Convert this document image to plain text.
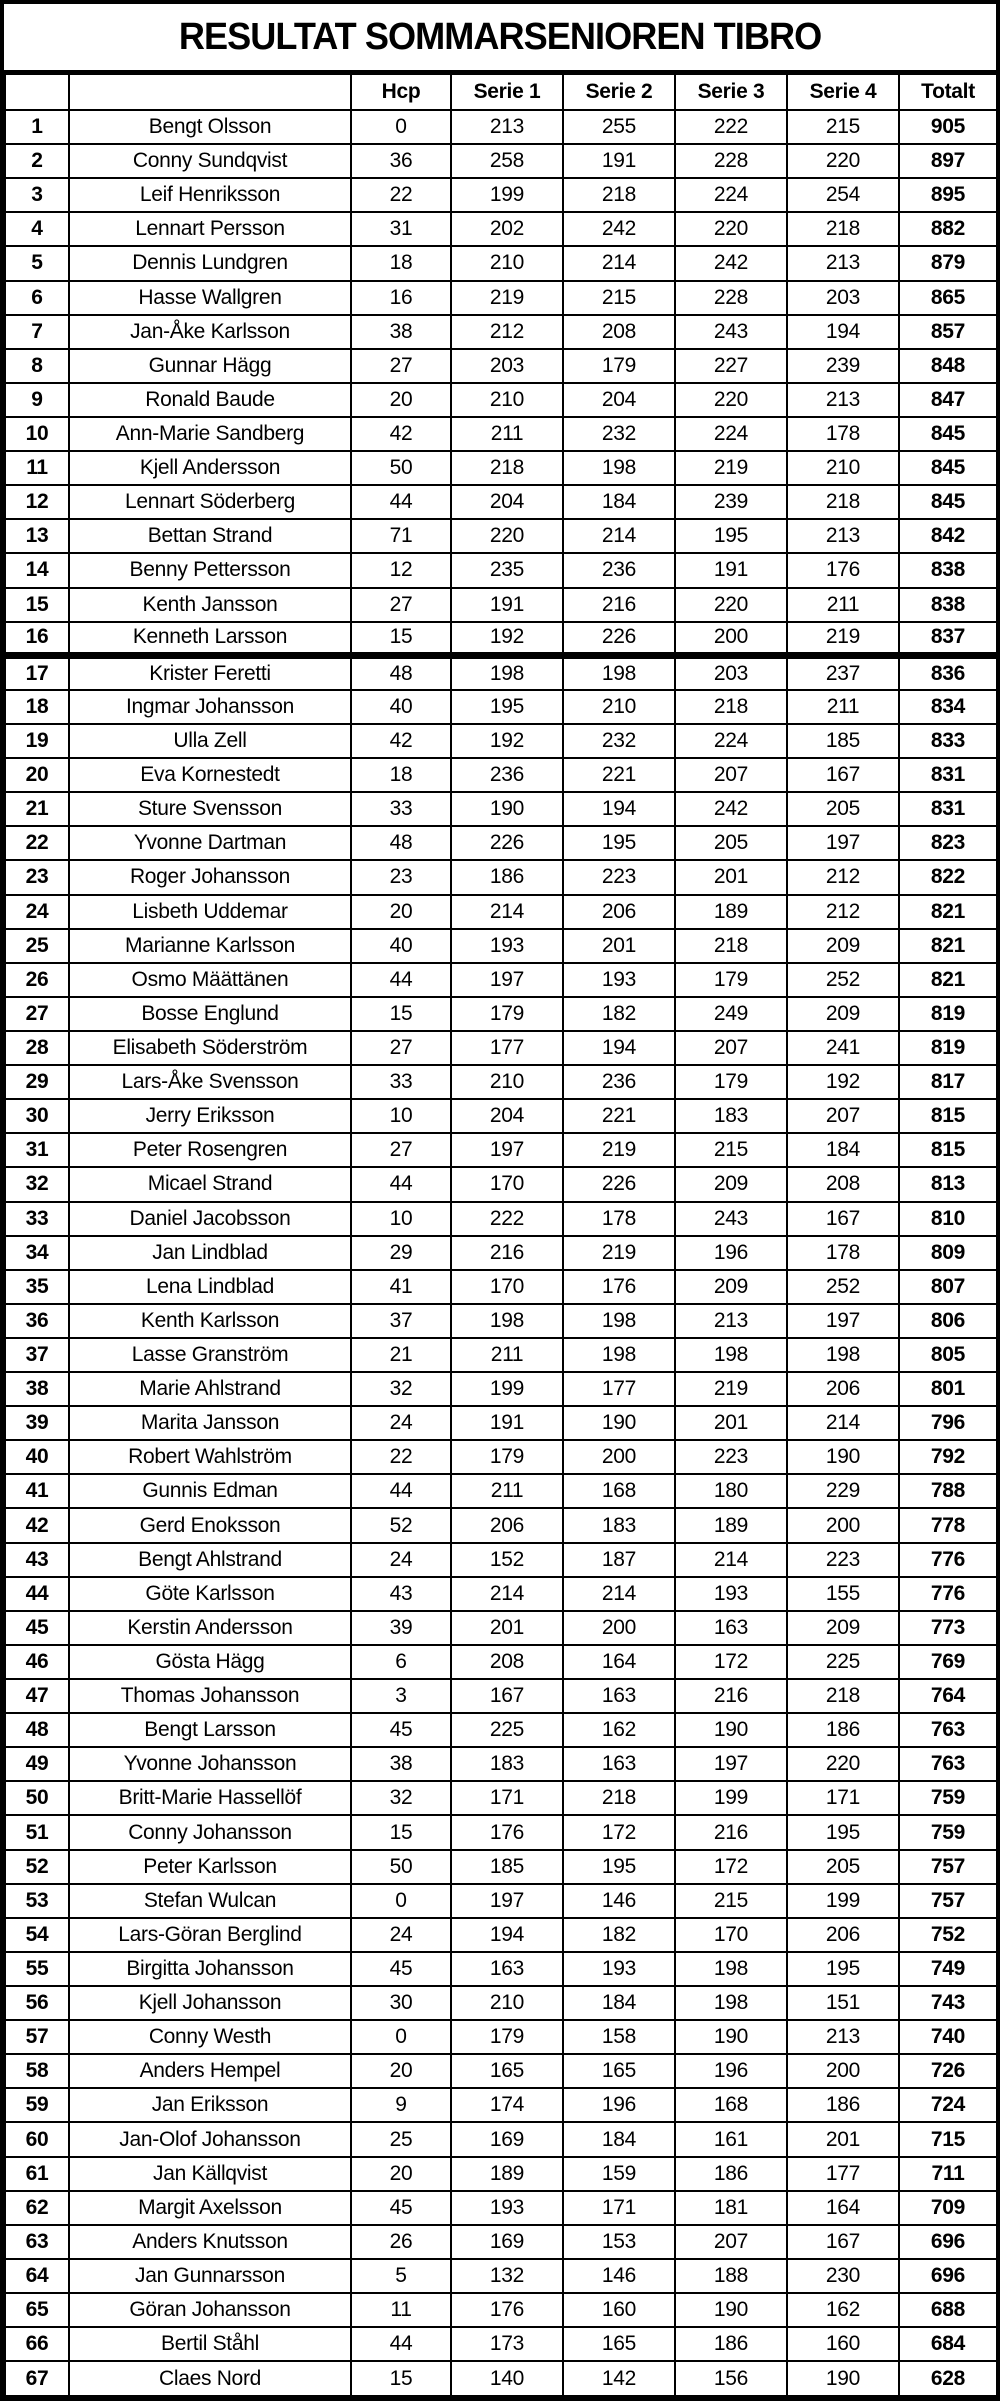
RESULTAT SOMMARSENIOREN TIBRO
		Hcp	Serie 1	Serie 2	Serie 3	Serie 4	Totalt
1	Bengt Olsson	0	213	255	222	215	905
2	Conny Sundqvist	36	258	191	228	220	897
3	Leif Henriksson	22	199	218	224	254	895
4	Lennart Persson	31	202	242	220	218	882
5	Dennis Lundgren	18	210	214	242	213	879
6	Hasse Wallgren	16	219	215	228	203	865
7	Jan-Åke Karlsson	38	212	208	243	194	857
8	Gunnar Hägg	27	203	179	227	239	848
9	Ronald Baude	20	210	204	220	213	847
10	Ann-Marie Sandberg	42	211	232	224	178	845
11	Kjell Andersson	50	218	198	219	210	845
12	Lennart Söderberg	44	204	184	239	218	845
13	Bettan Strand	71	220	214	195	213	842
14	Benny Pettersson	12	235	236	191	176	838
15	Kenth Jansson	27	191	216	220	211	838
16	Kenneth Larsson	15	192	226	200	219	837
17	Krister Feretti	48	198	198	203	237	836
18	Ingmar Johansson	40	195	210	218	211	834
19	Ulla Zell	42	192	232	224	185	833
20	Eva Kornestedt	18	236	221	207	167	831
21	Sture Svensson	33	190	194	242	205	831
22	Yvonne Dartman	48	226	195	205	197	823
23	Roger Johansson	23	186	223	201	212	822
24	Lisbeth Uddemar	20	214	206	189	212	821
25	Marianne Karlsson	40	193	201	218	209	821
26	Osmo Määttänen	44	197	193	179	252	821
27	Bosse Englund	15	179	182	249	209	819
28	Elisabeth Söderström	27	177	194	207	241	819
29	Lars-Åke Svensson	33	210	236	179	192	817
30	Jerry Eriksson	10	204	221	183	207	815
31	Peter Rosengren	27	197	219	215	184	815
32	Micael Strand	44	170	226	209	208	813
33	Daniel Jacobsson	10	222	178	243	167	810
34	Jan Lindblad	29	216	219	196	178	809
35	Lena Lindblad	41	170	176	209	252	807
36	Kenth Karlsson	37	198	198	213	197	806
37	Lasse Granström	21	211	198	198	198	805
38	Marie Ahlstrand	32	199	177	219	206	801
39	Marita Jansson	24	191	190	201	214	796
40	Robert Wahlström	22	179	200	223	190	792
41	Gunnis Edman	44	211	168	180	229	788
42	Gerd Enoksson	52	206	183	189	200	778
43	Bengt Ahlstrand	24	152	187	214	223	776
44	Göte Karlsson	43	214	214	193	155	776
45	Kerstin Andersson	39	201	200	163	209	773
46	Gösta Hägg	6	208	164	172	225	769
47	Thomas Johansson	3	167	163	216	218	764
48	Bengt Larsson	45	225	162	190	186	763
49	Yvonne Johansson	38	183	163	197	220	763
50	Britt-Marie Hassellöf	32	171	218	199	171	759
51	Conny Johansson	15	176	172	216	195	759
52	Peter Karlsson	50	185	195	172	205	757
53	Stefan Wulcan	0	197	146	215	199	757
54	Lars-Göran Berglind	24	194	182	170	206	752
55	Birgitta Johansson	45	163	193	198	195	749
56	Kjell Johansson	30	210	184	198	151	743
57	Conny Westh	0	179	158	190	213	740
58	Anders Hempel	20	165	165	196	200	726
59	Jan Eriksson	9	174	196	168	186	724
60	Jan-Olof Johansson	25	169	184	161	201	715
61	Jan Källqvist	20	189	159	186	177	711
62	Margit Axelsson	45	193	171	181	164	709
63	Anders Knutsson	26	169	153	207	167	696
64	Jan Gunnarsson	5	132	146	188	230	696
65	Göran Johansson	11	176	160	190	162	688
66	Bertil Ståhl	44	173	165	186	160	684
67	Claes Nord	15	140	142	156	190	628
